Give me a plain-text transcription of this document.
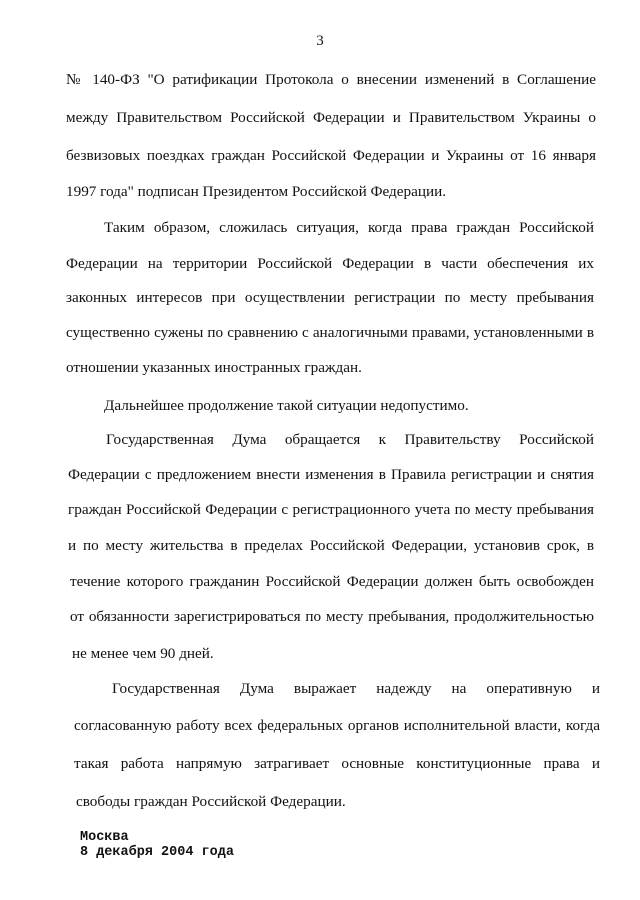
3
№ 140-ФЗ "О ратификации Протокола о внесении изменений в Соглашение
между Правительством Российской Федерации и Правительством Украины о
безвизовых поездках граждан Российской Федерации и Украины от 16 января
1997 года" подписан Президентом Российской Федерации.
Таким образом, сложилась ситуация, когда права граждан Российской
Федерации на территории Российской Федерации в части обеспечения их
законных интересов при осуществлении регистрации по месту пребывания
существенно сужены по сравнению с аналогичными правами, установленными в
отношении указанных иностранных граждан.
Дальнейшее продолжение такой ситуации недопустимо.
Государственная Дума обращается к Правительству Российской
Федерации с предложением внести изменения в Правила регистрации и снятия
граждан Российской Федерации с регистрационного учета по месту пребывания
и по месту жительства в пределах Российской Федерации, установив срок, в
течение которого гражданин Российской Федерации должен быть освобожден
от обязанности зарегистрироваться по месту пребывания, продолжительностью
не менее чем 90 дней.
Государственная Дума выражает надежду на оперативную и
согласованную работу всех федеральных органов исполнительной власти, когда
такая работа напрямую затрагивает основные конституционные права и
свободы граждан Российской Федерации.
Москва
8 декабря 2004 года
